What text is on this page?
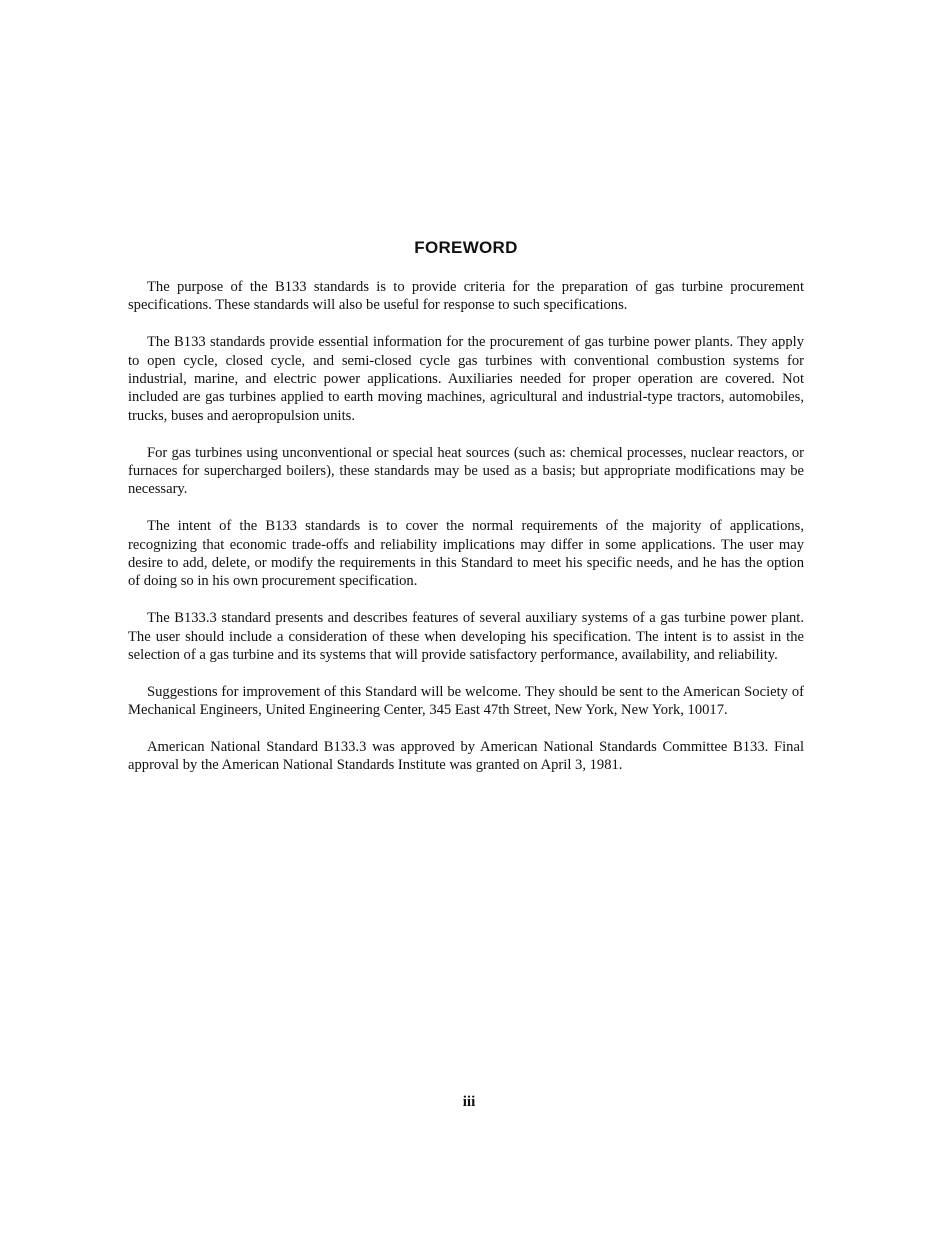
FOREWORD

The purpose of the B133 standards is to provide criteria for the preparation of gas turbine procurement specifications. These standards will also be useful for response to such specifications.

The B133 standards provide essential information for the procurement of gas turbine power plants. They apply to open cycle, closed cycle, and semi-closed cycle gas turbines with conventional combustion systems for industrial, marine, and electric power applications. Auxiliaries needed for proper operation are covered. Not included are gas turbines applied to earth moving machines, agricultural and industrial-type tractors, automobiles, trucks, buses and aeropropulsion units.

For gas turbines using unconventional or special heat sources (such as: chemical processes, nuclear reactors, or furnaces for supercharged boilers), these standards may be used as a basis; but appropriate modifications may be necessary.

The intent of the B133 standards is to cover the normal requirements of the majority of applications, recognizing that economic trade-offs and reliability implications may differ in some applications. The user may desire to add, delete, or modify the requirements in this Standard to meet his specific needs, and he has the option of doing so in his own procurement specification.

The B133.3 standard presents and describes features of several auxiliary systems of a gas turbine power plant. The user should include a consideration of these when developing his specification. The intent is to assist in the selection of a gas turbine and its systems that will provide satisfactory performance, availability, and reliability.

Suggestions for improvement of this Standard will be welcome. They should be sent to the American Society of Mechanical Engineers, United Engineering Center, 345 East 47th Street, New York, New York, 10017.

American National Standard B133.3 was approved by American National Standards Committee B133. Final approval by the American National Standards Institute was granted on April 3, 1981.

iii
